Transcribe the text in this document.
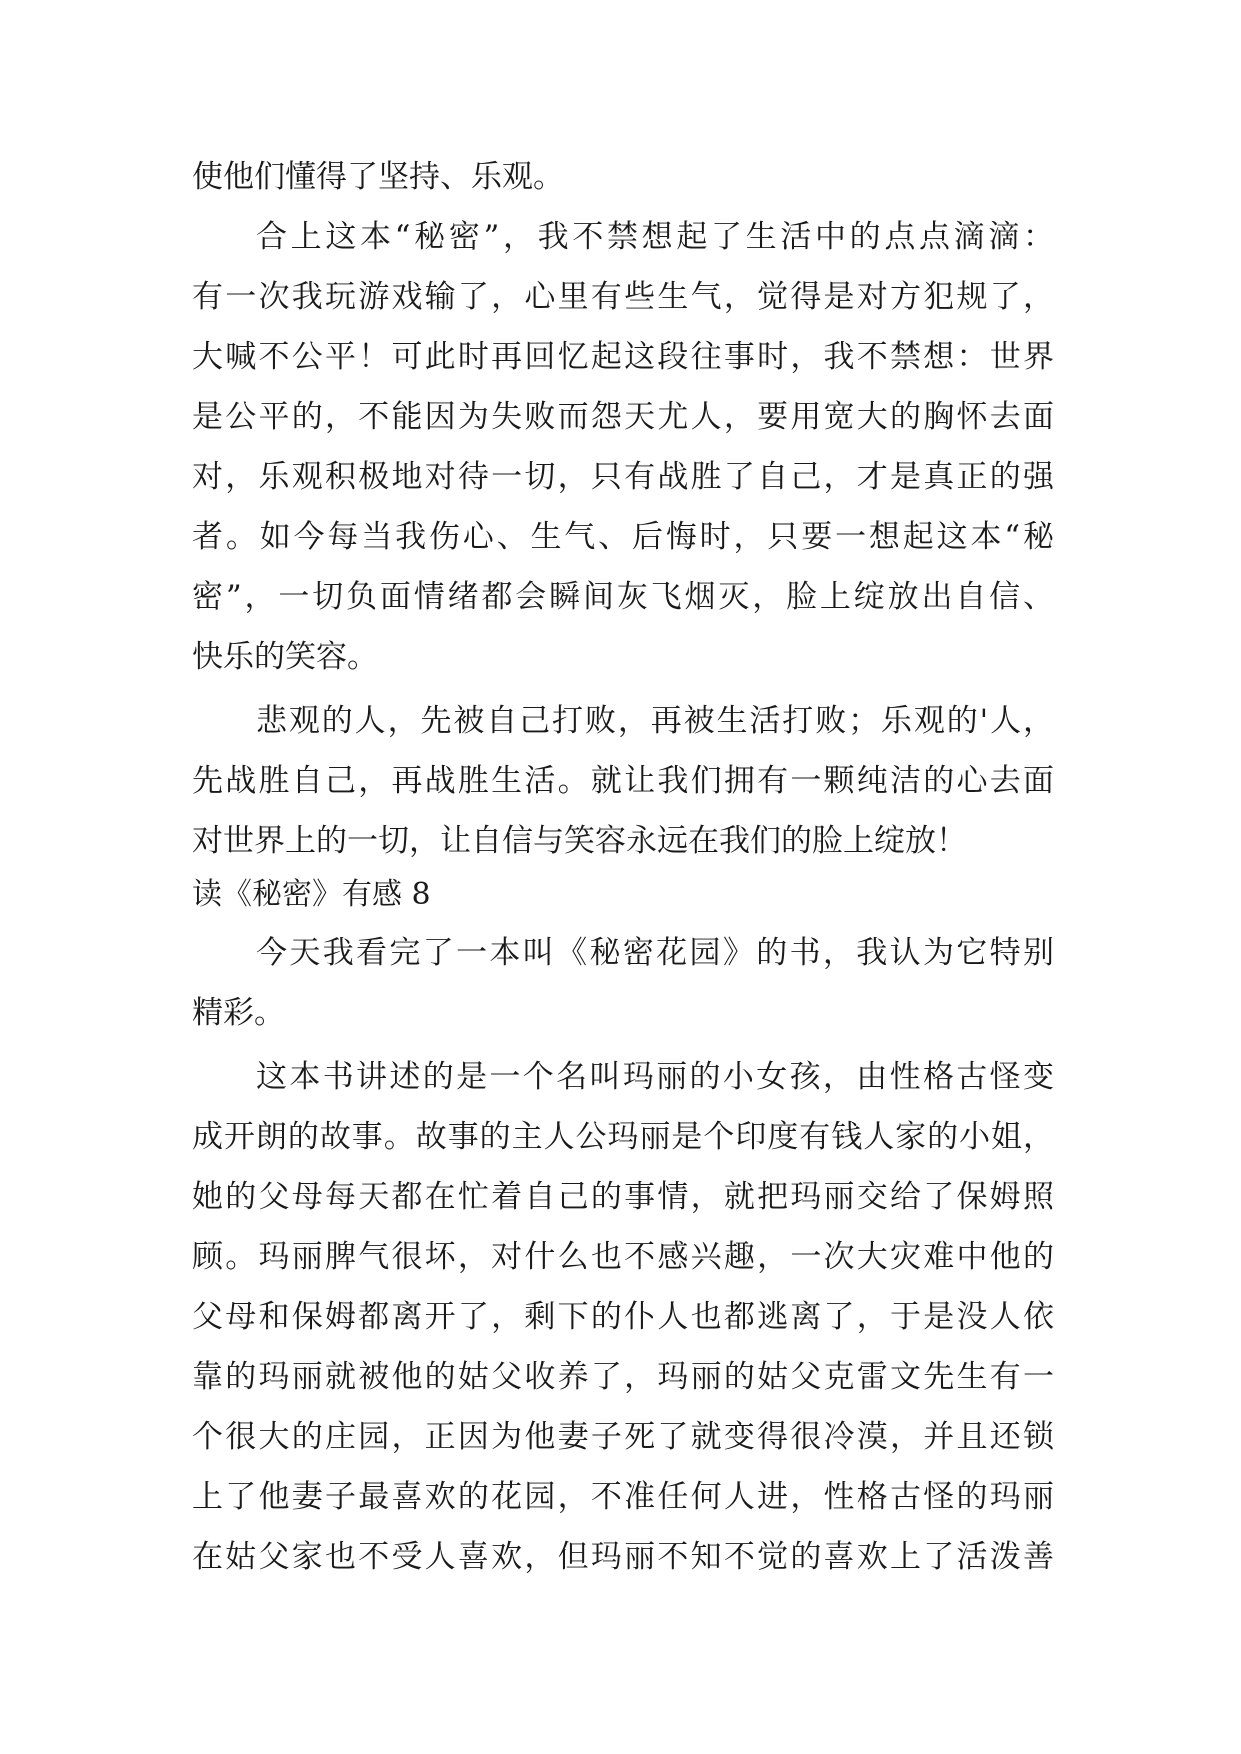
使他们懂得了坚持、乐观。
合上这本“秘密”，我不禁想起了生活中的点点滴滴：
有一次我玩游戏输了，心里有些生气，觉得是对方犯规了，
大喊不公平！可此时再回忆起这段往事时，我不禁想：世界
是公平的，不能因为失败而怨天尤人，要用宽大的胸怀去面
对，乐观积极地对待一切，只有战胜了自己，才是真正的强
者。如今每当我伤心、生气、后悔时，只要一想起这本“秘
密”，一切负面情绪都会瞬间灰飞烟灭，脸上绽放出自信、
快乐的笑容。
悲观的人，先被自己打败，再被生活打败；乐观的'人，
先战胜自己，再战胜生活。就让我们拥有一颗纯洁的心去面
对世界上的一切，让自信与笑容永远在我们的脸上绽放！
读《秘密》有感 8
今天我看完了一本叫《秘密花园》的书，我认为它特别
精彩。
这本书讲述的是一个名叫玛丽的小女孩，由性格古怪变
成开朗的故事。故事的主人公玛丽是个印度有钱人家的小姐，
她的父母每天都在忙着自己的事情，就把玛丽交给了保姆照
顾。玛丽脾气很坏，对什么也不感兴趣，一次大灾难中他的
父母和保姆都离开了，剩下的仆人也都逃离了，于是没人依
靠的玛丽就被他的姑父收养了，玛丽的姑父克雷文先生有一
个很大的庄园，正因为他妻子死了就变得很冷漠，并且还锁
上了他妻子最喜欢的花园，不准任何人进，性格古怪的玛丽
在姑父家也不受人喜欢，但玛丽不知不觉的喜欢上了活泼善
